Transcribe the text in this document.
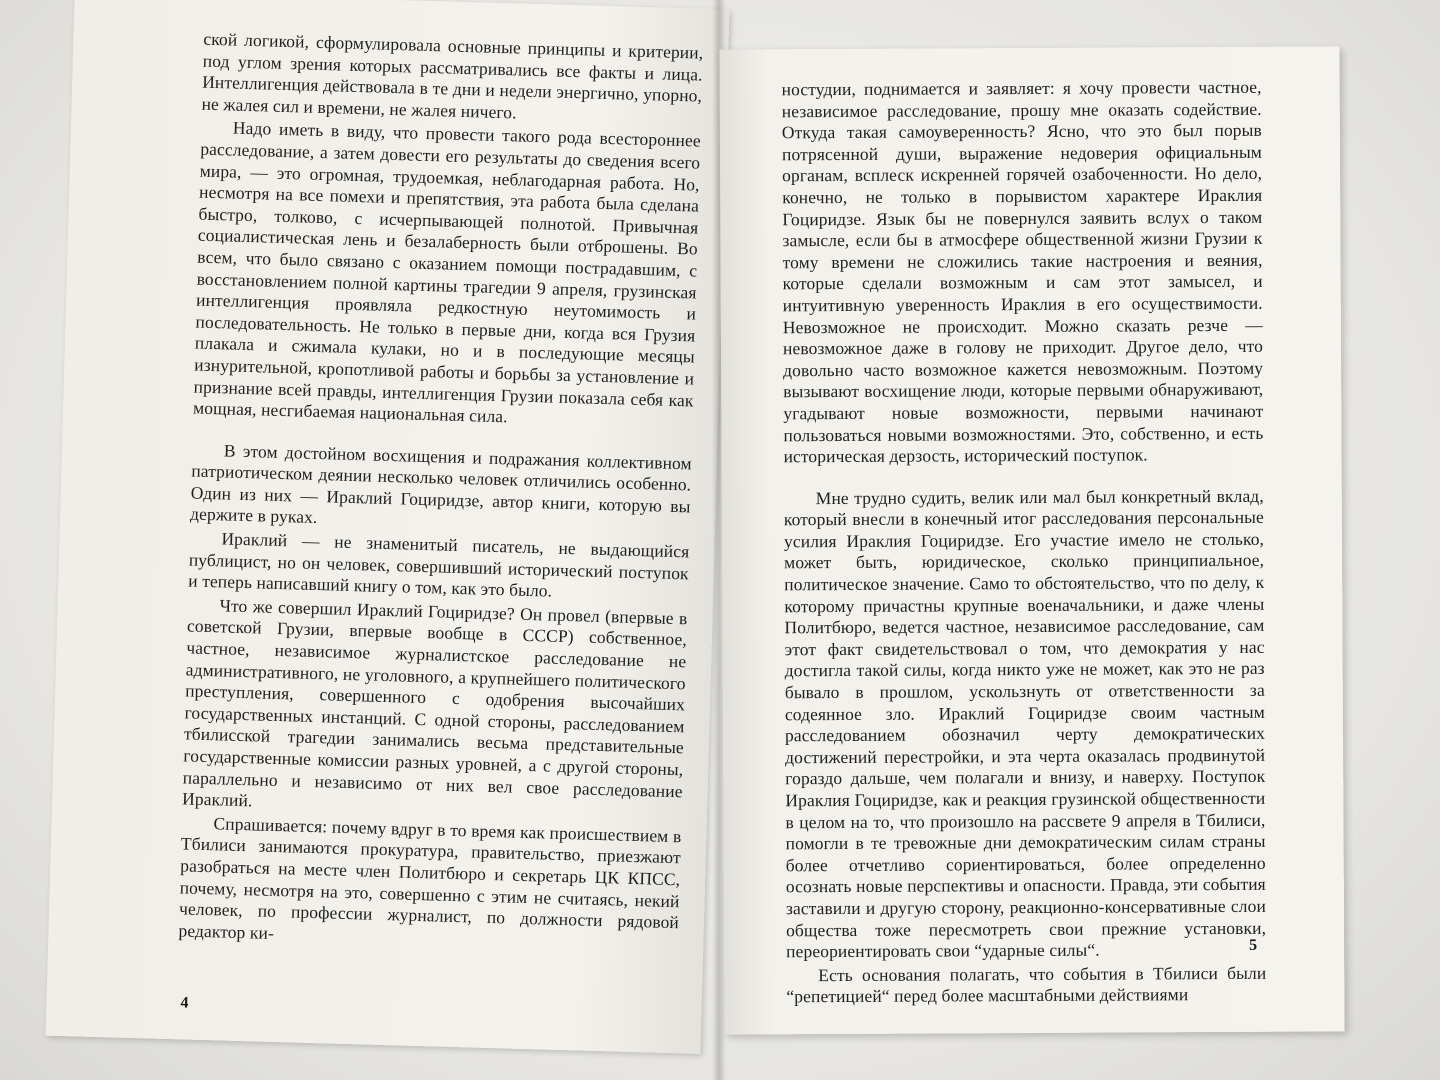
ской логикой, сформулировала основные принципы и критерии, под углом зрения которых рассматривались все факты и лица. Интеллигенция действовала в те дни и недели энергично, упорно, не жалея сил и времени, не жалея ничего.

Надо иметь в виду, что провести такого рода всестороннее расследование, а затем довести его результаты до сведения всего мира, — это огромная, трудоемкая, неблагодарная работа. Но, несмотря на все помехи и препятствия, эта работа была сделана быстро, толково, с исчерпывающей полнотой. Привычная социалистическая лень и безалаберность были отброшены. Во всем, что было связано с оказанием помощи пострадавшим, с восстановлением полной картины трагедии 9 апреля, грузинская интеллигенция проявляла редкостную неутомимость и последовательность. Не только в первые дни, когда вся Грузия плакала и сжимала кулаки, но и в последующие месяцы изнурительной, кропотливой работы и борьбы за установление и признание всей правды, интеллигенция Грузии показала себя как мощная, несгибаемая национальная сила.

В этом достойном восхищения и подражания коллективном патриотическом деянии несколько человек отличились особенно. Один из них — Ираклий Гоциридзе, автор книги, которую вы держите в руках.

Ираклий — не знаменитый писатель, не выдающийся публицист, но он человек, совершивший исторический поступок и теперь написавший книгу о том, как это было.

Что же совершил Ираклий Гоциридзе? Он провел (впервые в советской Грузии, впервые вообще в СССР) собственное, частное, независимое журналистское расследование не административного, не уголовного, а крупнейшего политического преступления, совершенного с одобрения высочайших государственных инстанций. С одной стороны, расследованием тбилисской трагедии занимались весьма представительные государственные комиссии разных уровней, а с другой стороны, параллельно и независимо от них вел свое расследование Ираклий.

Спрашивается: почему вдруг в то время как происшествием в Тбилиси занимаются прокуратура, правительство, приезжают разобраться на месте член Политбюро и секретарь ЦК КПСС, почему, несмотря на это, совершенно с этим не считаясь, некий человек, по профессии журналист, по должности рядовой редактор ки-

4

ностудии, поднимается и заявляет: я хочу провести частное, независимое расследование, прошу мне оказать содействие. Откуда такая самоуверенность? Ясно, что это был порыв потрясенной души, выражение недоверия официальным органам, всплеск искренней горячей озабоченности. Но дело, конечно, не только в порывистом характере Ираклия Гоциридзе. Язык бы не повернулся заявить вслух о таком замысле, если бы в атмосфере общественной жизни Грузии к тому времени не сложились такие настроения и веяния, которые сделали возможным и сам этот замысел, и интуитивную уверенность Ираклия в его осуществимости. Невозможное не происходит. Можно сказать резче — невозможное даже в голову не приходит. Другое дело, что довольно часто возможное кажется невозможным. Поэтому вызывают восхищение люди, которые первыми обнаруживают, угадывают новые возможности, первыми начинают пользоваться новыми возможностями. Это, собственно, и есть историческая дерзость, исторический поступок.

Мне трудно судить, велик или мал был конкретный вклад, который внесли в конечный итог расследования персональные усилия Ираклия Гоциридзе. Его участие имело не столько, может быть, юридическое, сколько принципиальное, политическое значение. Само то обстоятельство, что по делу, к которому причастны крупные военачальники, и даже члены Политбюро, ведется частное, независимое расследование, сам этот факт свидетельствовал о том, что демократия у нас достигла такой силы, когда никто уже не может, как это не раз бывало в прошлом, ускользнуть от ответственности за содеянное зло. Ираклий Гоциридзе своим частным расследованием обозначил черту демократических достижений перестройки, и эта черта оказалась продвинутой гораздо дальше, чем полагали и внизу, и наверху. Поступок Ираклия Гоциридзе, как и реакция грузинской общественности в целом на то, что произошло на рассвете 9 апреля в Тбилиси, помогли в те тревожные дни демократическим силам страны более отчетливо сориентироваться, более определенно осознать новые перспективы и опасности. Правда, эти события заставили и другую сторону, реакционно-консервативные слои общества тоже пересмотреть свои прежние установки, переориентировать свои “ударные силы“.

Есть основания полагать, что события в Тбилиси были “репетицией“ перед более масштабными действиями

5
